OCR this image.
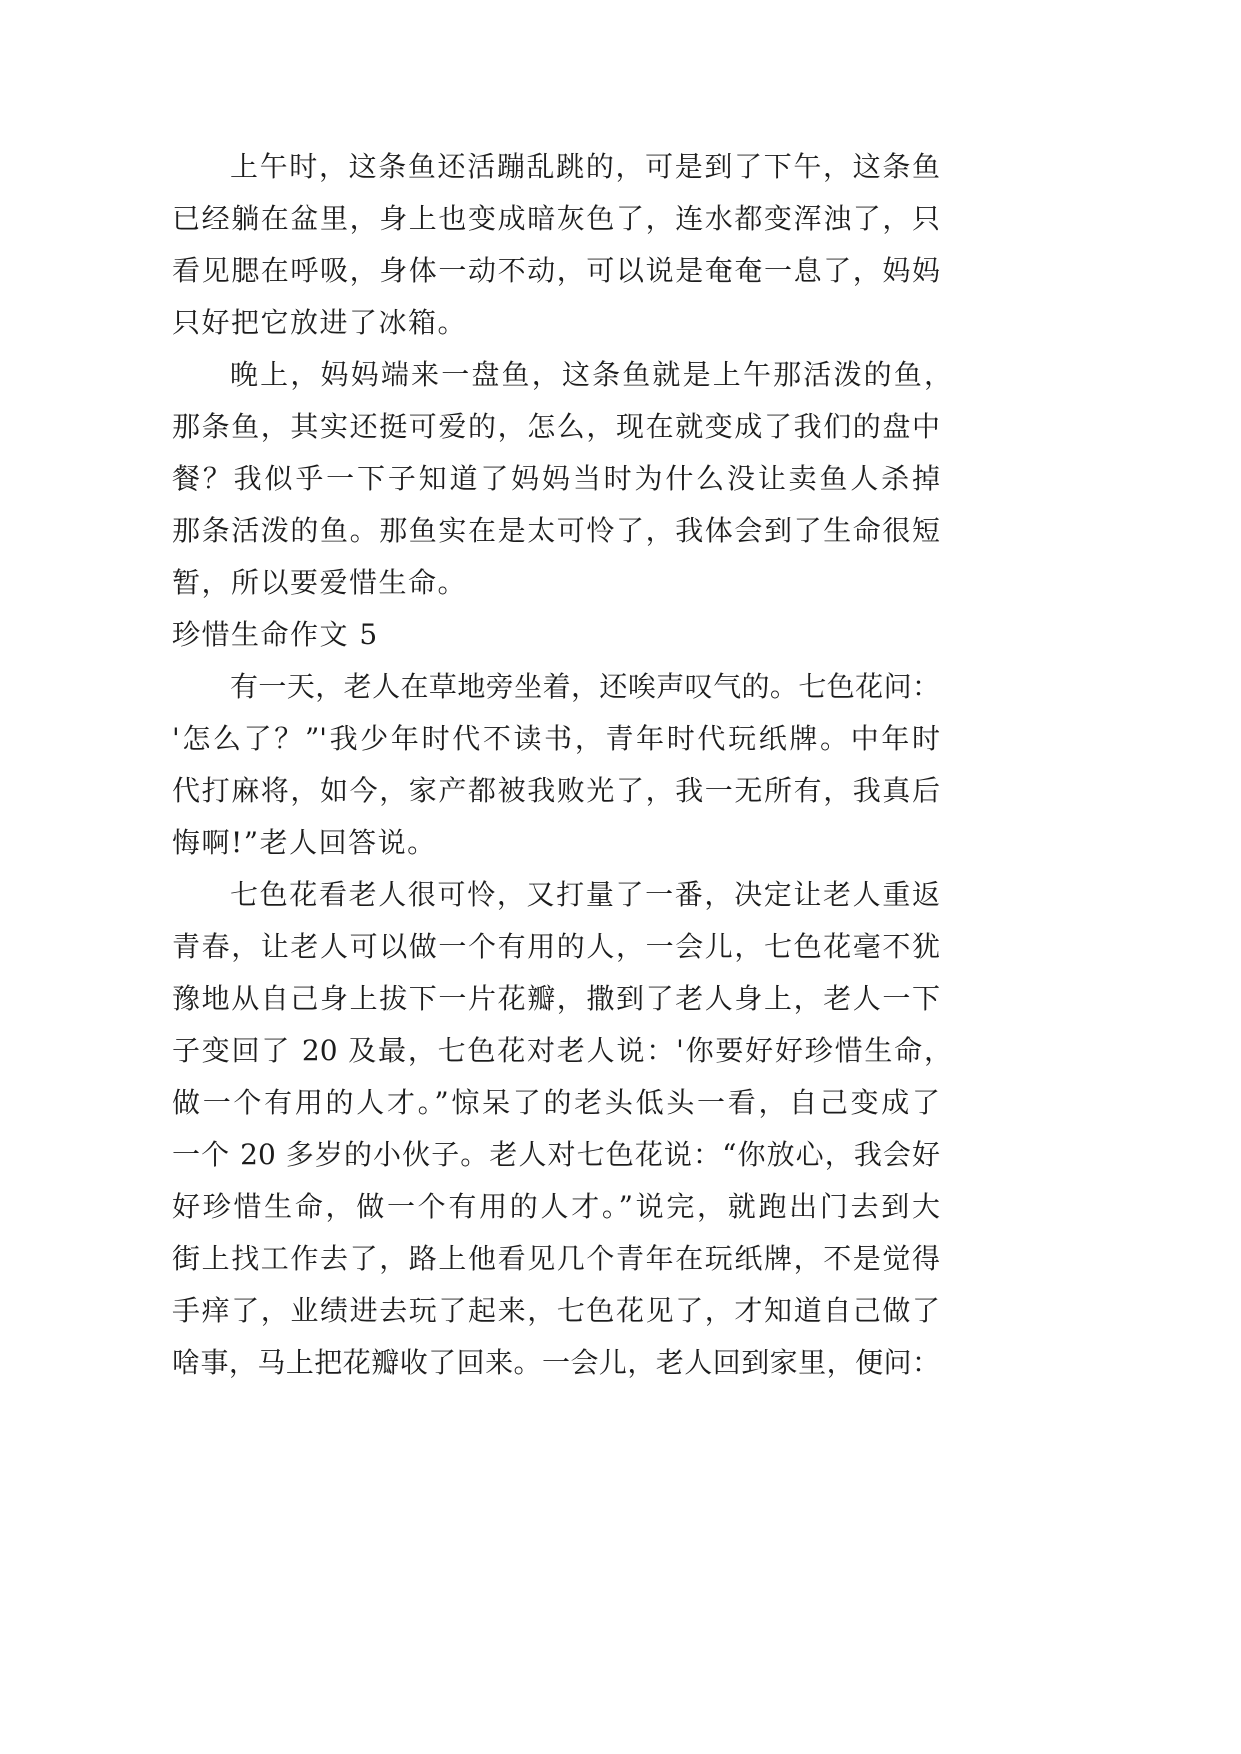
上午时，这条鱼还活蹦乱跳的，可是到了下午，这条鱼
已经躺在盆里，身上也变成暗灰色了，连水都变浑浊了，只
看见腮在呼吸，身体一动不动，可以说是奄奄一息了，妈妈
只好把它放进了冰箱。
晚上，妈妈端来一盘鱼，这条鱼就是上午那活泼的鱼，
那条鱼，其实还挺可爱的，怎么，现在就变成了我们的盘中
餐？我似乎一下子知道了妈妈当时为什么没让卖鱼人杀掉
那条活泼的鱼。那鱼实在是太可怜了，我体会到了生命很短
暂，所以要爱惜生命。
珍惜生命作文 5
有一天，老人在草地旁坐着，还唉声叹气的。七色花问：
'怎么了？”'我少年时代不读书，青年时代玩纸牌。中年时
代打麻将，如今，家产都被我败光了，我一无所有，我真后
悔啊!”老人回答说。
七色花看老人很可怜，又打量了一番，决定让老人重返
青春，让老人可以做一个有用的人，一会儿，七色花毫不犹
豫地从自己身上拔下一片花瓣，撒到了老人身上，老人一下
子变回了 20 及最，七色花对老人说：'你要好好珍惜生命，
做一个有用的人才。”惊呆了的老头低头一看，自己变成了
一个 20 多岁的小伙子。老人对七色花说：“你放心，我会好
好珍惜生命，做一个有用的人才。”说完，就跑出门去到大
街上找工作去了，路上他看见几个青年在玩纸牌，不是觉得
手痒了，业绩进去玩了起来，七色花见了，才知道自己做了
啥事，马上把花瓣收了回来。一会儿，老人回到家里，便问：
